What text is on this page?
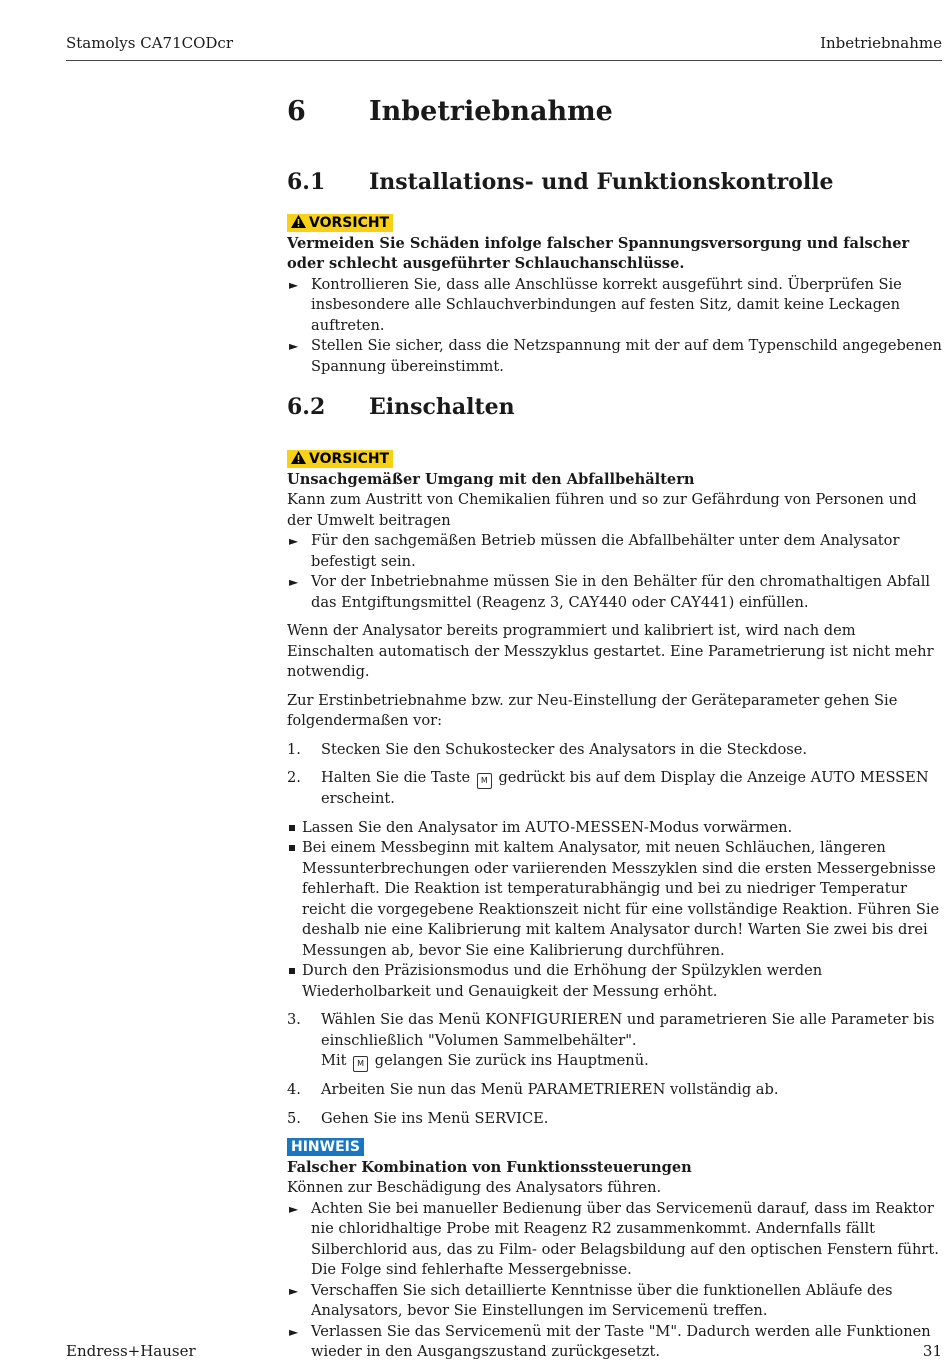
Stamolys CA71CODcr	Inbetriebnahme
6 Inbetriebnahme
6.1 Installations- und Funktionskontrolle
VORSICHT
Vermeiden Sie Schäden infolge falscher Spannungsversorgung und falscher oder schlecht ausgeführter Schlauchanschlüsse.
► Kontrollieren Sie, dass alle Anschlüsse korrekt ausgeführt sind. Überprüfen Sie insbesondere alle Schlauchverbindungen auf festen Sitz, damit keine Leckagen auftreten.
► Stellen Sie sicher, dass die Netzspannung mit der auf dem Typenschild angegebenen Spannung übereinstimmt.
6.2 Einschalten
VORSICHT
Unsachgemäßer Umgang mit den Abfallbehältern
Kann zum Austritt von Chemikalien führen und so zur Gefährdung von Personen und der Umwelt beitragen
► Für den sachgemäßen Betrieb müssen die Abfallbehälter unter dem Analysator befestigt sein.
► Vor der Inbetriebnahme müssen Sie in den Behälter für den chromathaltigen Abfall das Entgiftungsmittel (Reagenz 3, CAY440 oder CAY441) einfüllen.

Wenn der Analysator bereits programmiert und kalibriert ist, wird nach dem Einschalten automatisch der Messzyklus gestartet. Eine Parametrierung ist nicht mehr notwendig.

Zur Erstinbetriebnahme bzw. zur Neu-Einstellung der Geräteparameter gehen Sie folgendermaßen vor:

1. Stecken Sie den Schukostecker des Analysators in die Steckdose.
2. Halten Sie die Taste M gedrückt bis auf dem Display die Anzeige AUTO MESSEN erscheint.
Lassen Sie den Analysator im AUTO-MESSEN-Modus vorwärmen.
Bei einem Messbeginn mit kaltem Analysator, mit neuen Schläuchen, längeren Messunterbrechungen oder variierenden Messzyklen sind die ersten Messergebnisse fehlerhaft. Die Reaktion ist temperaturabhängig und bei zu niedriger Temperatur reicht die vorgegebene Reaktionszeit nicht für eine vollständige Reaktion. Führen Sie deshalb nie eine Kalibrierung mit kaltem Analysator durch! Warten Sie zwei bis drei Messungen ab, bevor Sie eine Kalibrierung durchführen.
Durch den Präzisionsmodus und die Erhöhung der Spülzyklen werden Wiederholbarkeit und Genauigkeit der Messung erhöht.
3. Wählen Sie das Menü KONFIGURIEREN und parametrieren Sie alle Parameter bis einschließlich "Volumen Sammelbehälter".
Mit M gelangen Sie zurück ins Hauptmenü.
4. Arbeiten Sie nun das Menü PARAMETRIEREN vollständig ab.
5. Gehen Sie ins Menü SERVICE.
HINWEIS
Falscher Kombination von Funktionssteuerungen
Können zur Beschädigung des Analysators führen.
► Achten Sie bei manueller Bedienung über das Servicemenü darauf, dass im Reaktor nie chloridhaltige Probe mit Reagenz R2 zusammenkommt. Andernfalls fällt Silberchlorid aus, das zu Film- oder Belagsbildung auf den optischen Fenstern führt. Die Folge sind fehlerhafte Messergebnisse.
► Verschaffen Sie sich detaillierte Kenntnisse über die funktionellen Abläufe des Analysators, bevor Sie Einstellungen im Servicemenü treffen.
► Verlassen Sie das Servicemenü mit der Taste "M". Dadurch werden alle Funktionen wieder in den Ausgangszustand zurückgesetzt.
Endress+Hauser	31
